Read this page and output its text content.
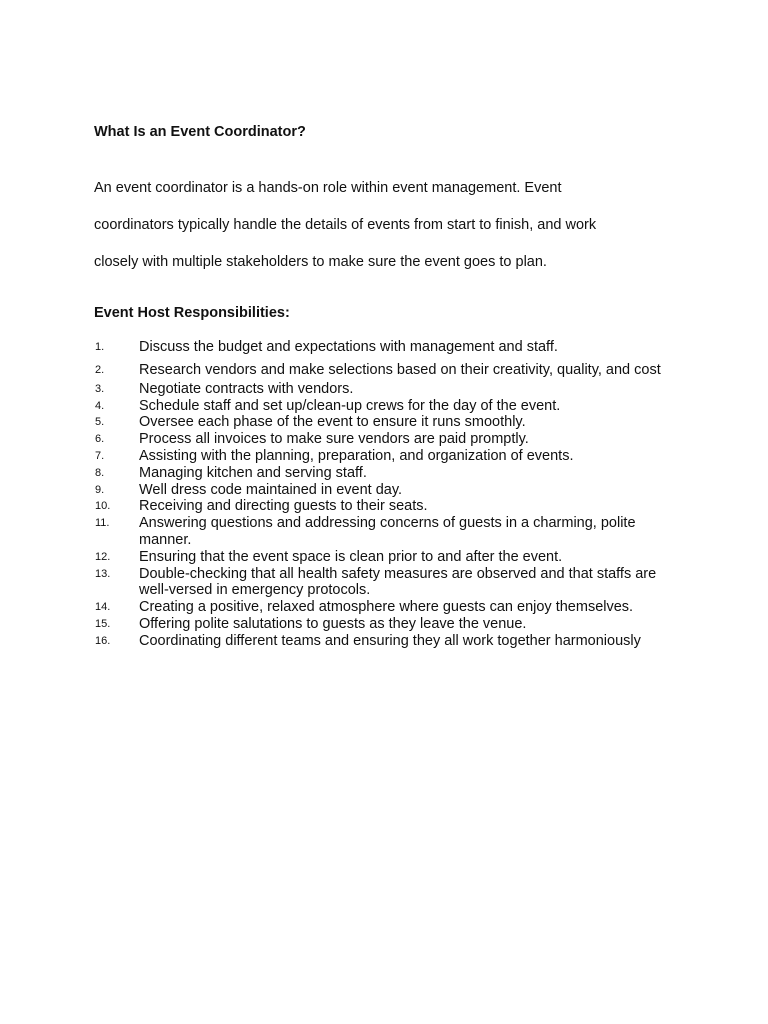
What Is an Event Coordinator?

An event coordinator is a hands-on role within event management. Event

coordinators typically handle the details of events from start to finish, and work

closely with multiple stakeholders to make sure the event goes to plan.

Event Host Responsibilities:
1.	Discuss the budget and expectations with management and staff.
2.	Research vendors and make selections based on their creativity, quality, and cost
3.	Negotiate contracts with vendors.
4.	Schedule staff and set up/clean-up crews for the day of the event.
5.	Oversee each phase of the event to ensure it runs smoothly.
6.	Process all invoices to make sure vendors are paid promptly.
7.	Assisting with the planning, preparation, and organization of events.
8.	Managing kitchen and serving staff.
9.	Well dress code maintained in event day.
10.	Receiving and directing guests to their seats.
11.	Answering questions and addressing concerns of guests in a charming, polite manner.
12.	Ensuring that the event space is clean prior to and after the event.
13.	Double-checking that all health safety measures are observed and that staffs are well-versed in emergency protocols.
14.	Creating a positive, relaxed atmosphere where guests can enjoy themselves.
15.	Offering polite salutations to guests as they leave the venue.
16.	Coordinating different teams and ensuring they all work together harmoniously
